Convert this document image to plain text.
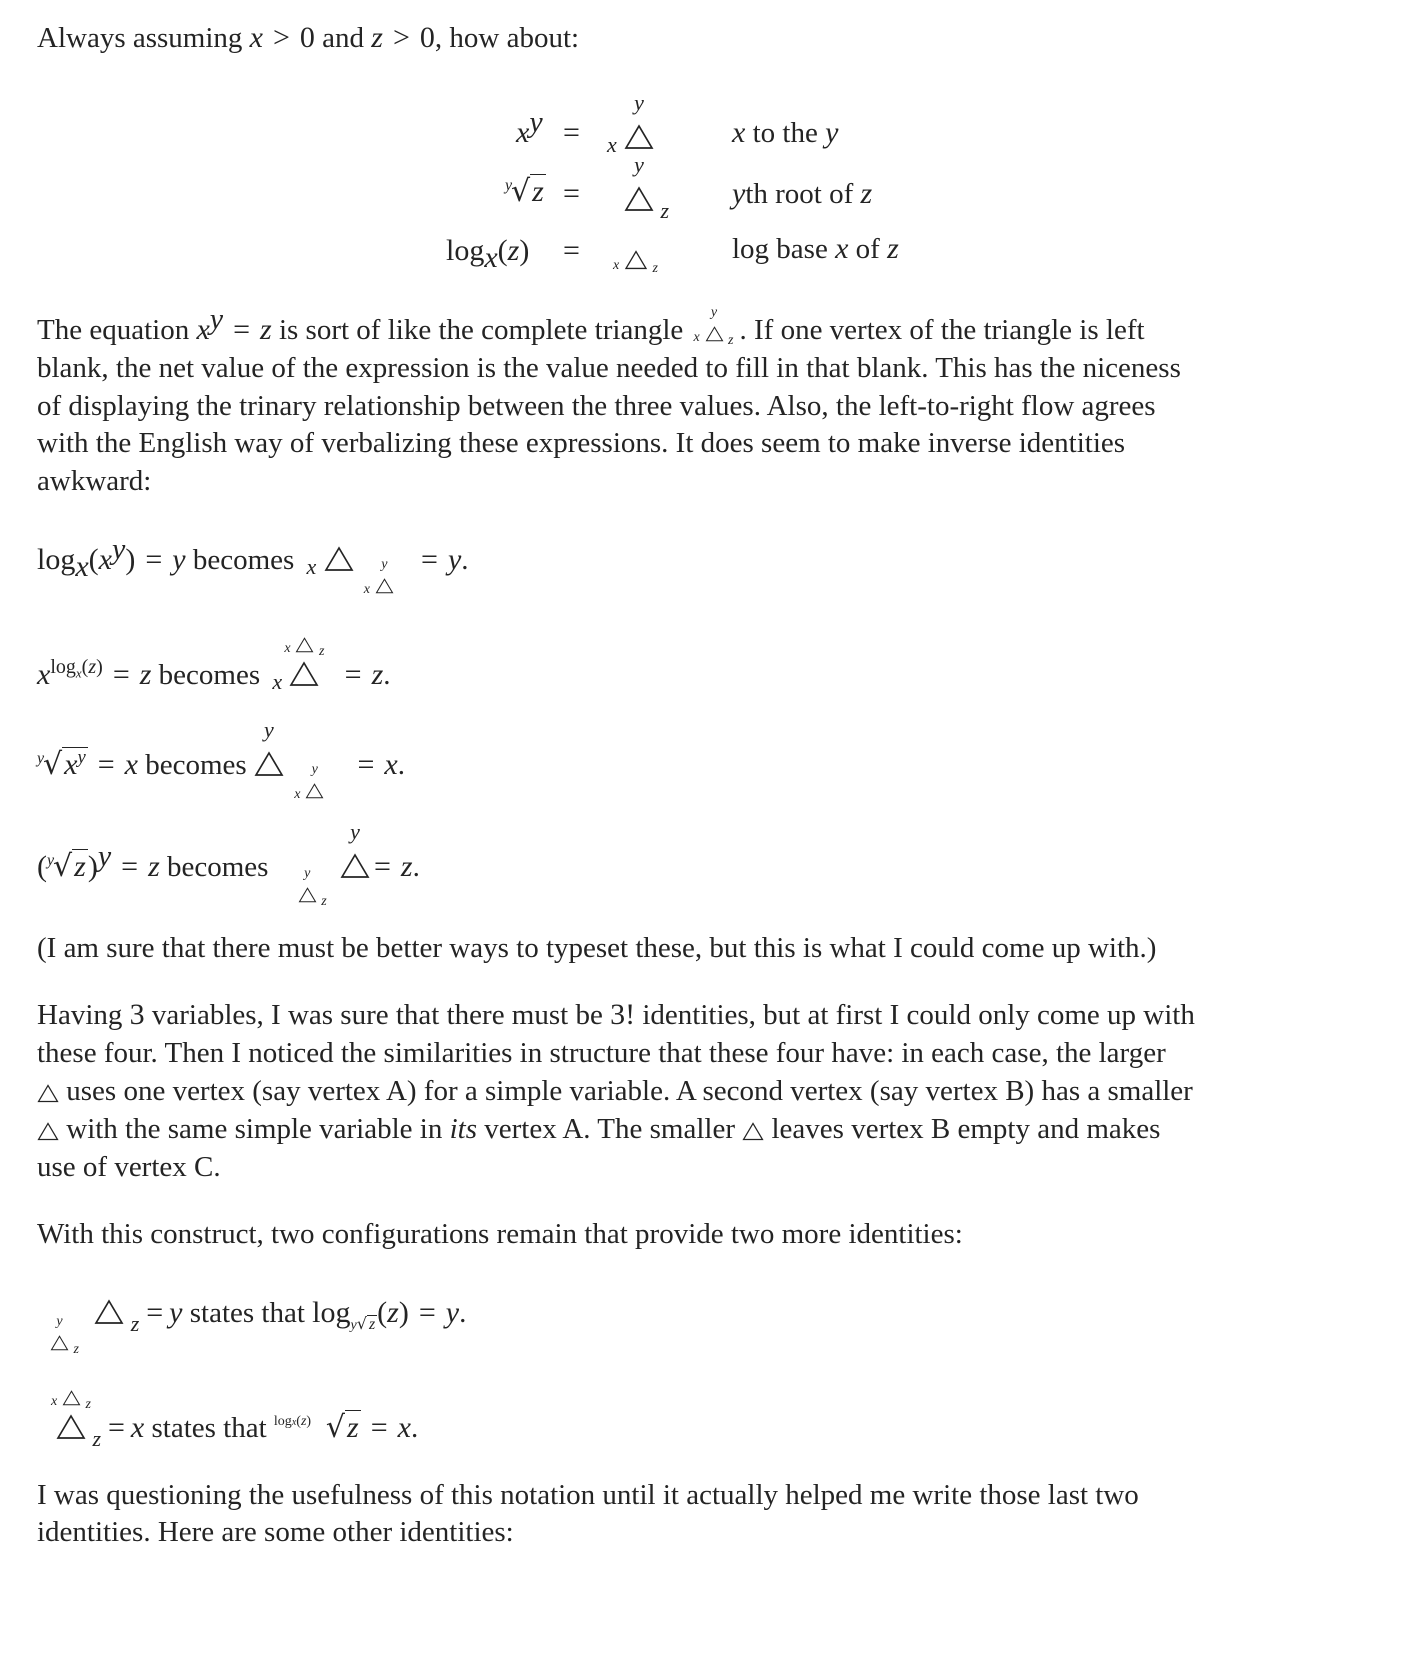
Always assuming x > 0 and z > 0, how about:
$x^y$
y
√z
$\log_x(z)$
=
=
=
y
x
y
z
x z
x to the y
yth root of z
log base x of z
The equation $x^y = z$ is sort of like the complete triangle
y
x z . If one vertex of the triangle is left
blank, the net value of the expression is the value needed to fill in that blank. This has the niceness
of displaying the trinary relationship between the three values. Also, the left-to-right flow agrees
with the English way of verbalizing these expressions. It does seem to make inverse identities
awkward:
$\log_x(x^y) = y$ becomes x
	y
x
= y.
$x^{log_x(z)} = z$ becomes x
x z
= z.
y
$√x^y = x$ becomes
y

y
x
= x.
( y
√z)$^y$ = z becomes	y
z

y
= z.
(I am sure that there must be better ways to typeset these, but this is what I could come up with.)
Having 3 variables, I was sure that there must be 3! identities, but at first I could only come up with
these four. Then I noticed the similarities in structure that these four have: in each case, the larger
uses one vertex (say vertex A) for a simple variable. A second vertex (say vertex B) has a smaller
with the same simple variable in its vertex A. The smaller leaves vertex B empty and makes
use of vertex C.
With this construct, two configurations remain that provide two more identities:
y
z

z = y states that $\log_{y√ z}(z) = y$.
z
x z
= x states that logx(z) √z = x.
I was questioning the usefulness of this notation until it actually helped me write those last two
identities. Here are some other identities:
